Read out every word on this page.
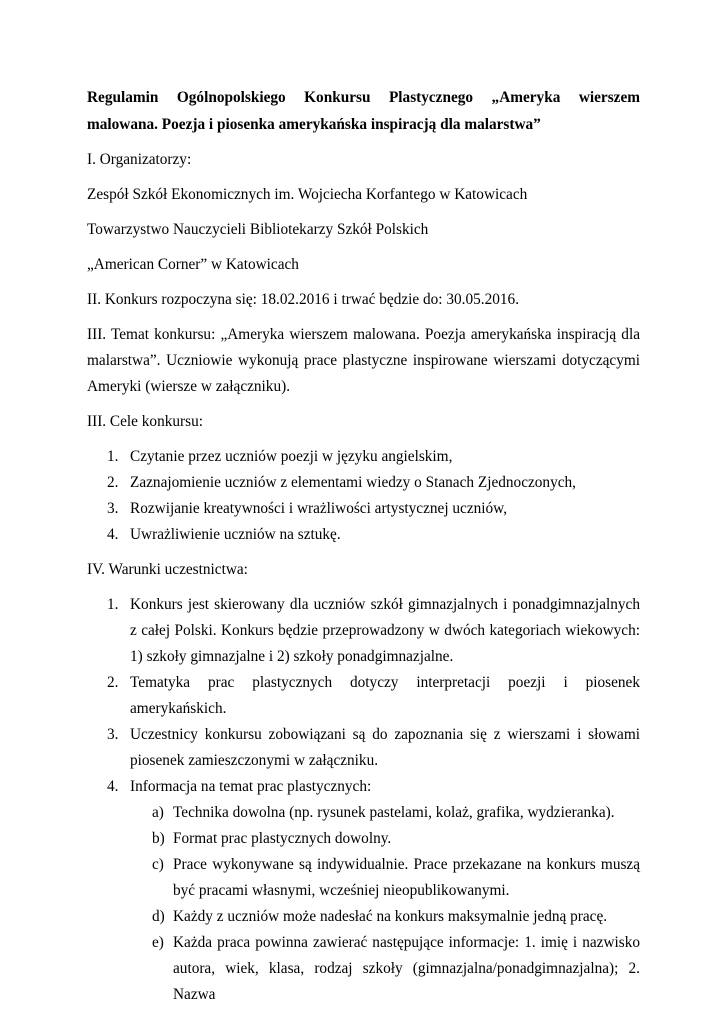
Regulamin Ogólnopolskiego Konkursu Plastycznego „Ameryka wierszem malowana. Poezja i piosenka amerykańska inspiracją dla malarstwa”

I. Organizatorzy:

Zespół Szkół Ekonomicznych im. Wojciecha Korfantego w Katowicach

Towarzystwo Nauczycieli Bibliotekarzy Szkół Polskich

„American Corner” w Katowicach

II. Konkurs rozpoczyna się: 18.02.2016 i trwać będzie do: 30.05.2016.

III. Temat konkursu: „Ameryka wierszem malowana. Poezja amerykańska inspiracją dla malarstwa”. Uczniowie wykonują prace plastyczne inspirowane wierszami dotyczącymi Ameryki (wiersze w załączniku).

III. Cele konkursu:

1. Czytanie przez uczniów poezji w języku angielskim,
2. Zaznajomienie uczniów z elementami wiedzy o Stanach Zjednoczonych,
3. Rozwijanie kreatywności i wrażliwości artystycznej uczniów,
4. Uwrażliwienie uczniów na sztukę.

IV. Warunki uczestnictwa:

1. Konkurs jest skierowany dla uczniów szkół gimnazjalnych i ponadgimnazjalnych z całej Polski. Konkurs będzie przeprowadzony w dwóch kategoriach wiekowych: 1) szkoły gimnazjalne i 2) szkoły ponadgimnazjalne.
2. Tematyka prac plastycznych dotyczy interpretacji poezji i piosenek amerykańskich.
3. Uczestnicy konkursu zobowiązani są do zapoznania się z wierszami i słowami piosenek zamieszczonymi w załączniku.
4. Informacja na temat prac plastycznych:
a) Technika dowolna (np. rysunek pastelami, kolaż, grafika, wydzieranka).
b) Format prac plastycznych dowolny.
c) Prace wykonywane są indywidualnie. Prace przekazane na konkurs muszą być pracami własnymi, wcześniej nieopublikowanymi.
d) Każdy z uczniów może nadesłać na konkurs maksymalnie jedną pracę.
e) Każda praca powinna zawierać następujące informacje: 1. imię i nazwisko autora, wiek, klasa, rodzaj szkoły (gimnazjalna/ponadgimnazjalna); 2. Nazwa
